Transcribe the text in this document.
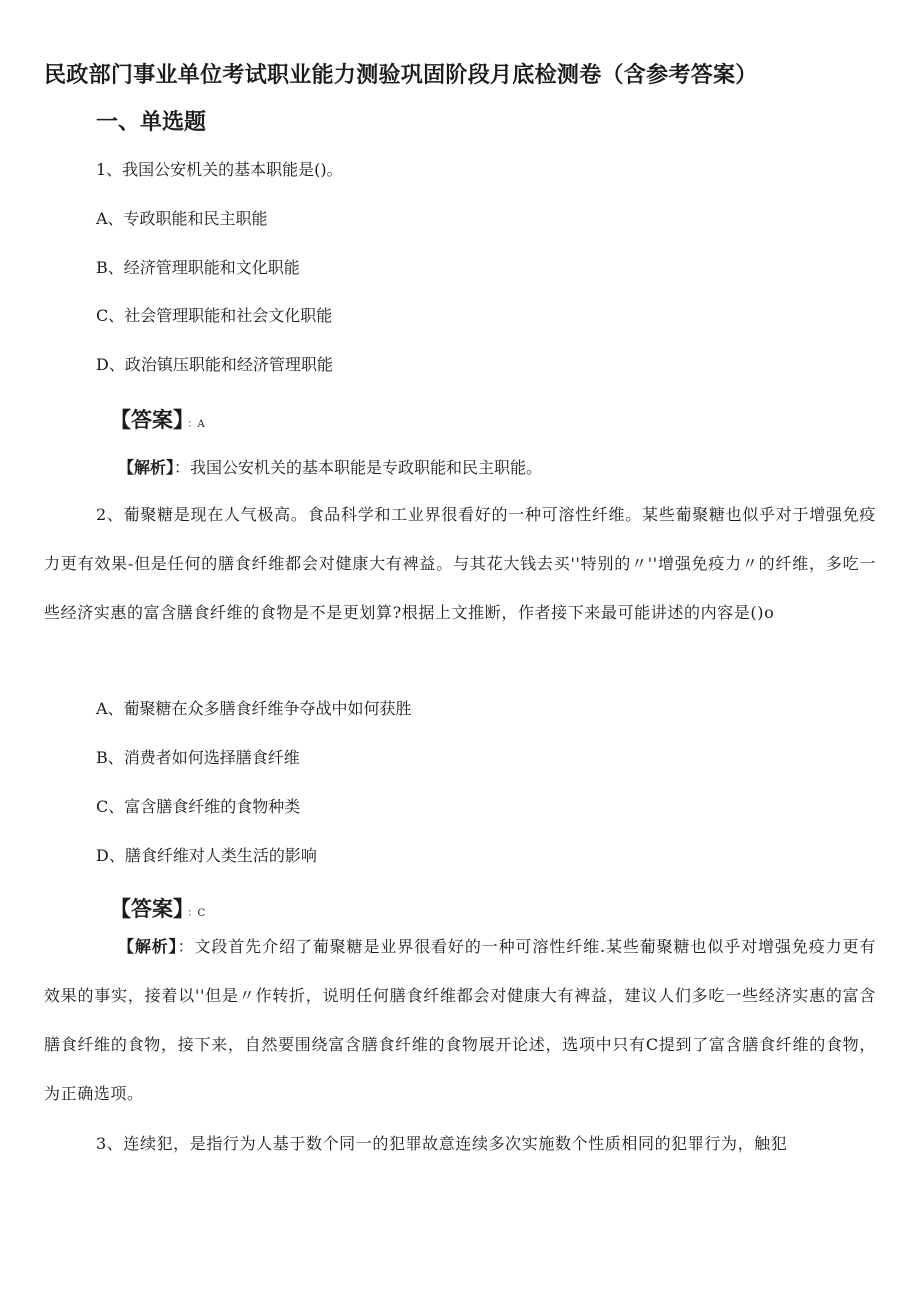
民政部门事业单位考试职业能力测验巩固阶段月底检测卷（含参考答案）
一、单选题
1、我国公安机关的基本职能是()。
A、专政职能和民主职能
B、经济管理职能和文化职能
C、社会管理职能和社会文化职能
D、政治镇压职能和经济管理职能
【答案】 ：A
【解析】：我国公安机关的基本职能是专政职能和民主职能。
2、葡聚糖是现在人气极高。食品科学和工业界很看好的一种可溶性纤维。某些葡聚糖也似乎对于增强免疫力更有效果-但是任何的膳食纤维都会对健康大有裨益。与其花大钱去买''特别的〃''增强免疫力〃的纤维，多吃一些经济实惠的富含膳食纤维的食物是不是更划算?根据上文推断，作者接下来最可能讲述的内容是()o
A、葡聚糖在众多膳食纤维争夺战中如何获胜
B、消费者如何选择膳食纤维
C、富含膳食纤维的食物种类
D、膳食纤维对人类生活的影响
【答案】 ：C
【解析】：文段首先介绍了葡聚糖是业界很看好的一种可溶性纤维.某些葡聚糖也似乎对增强免疫力更有效果的事实，接着以''但是〃作转折，说明任何膳食纤维都会对健康大有裨益，建议人们多吃一些经济实惠的富含膳食纤维的食物，接下来，自然要围绕富含膳食纤维的食物展开论述，选项中只有C提到了富含膳食纤维的食物，为正确选项。
3、连续犯，是指行为人基于数个同一的犯罪故意连续多次实施数个性质相同的犯罪行为，触犯
